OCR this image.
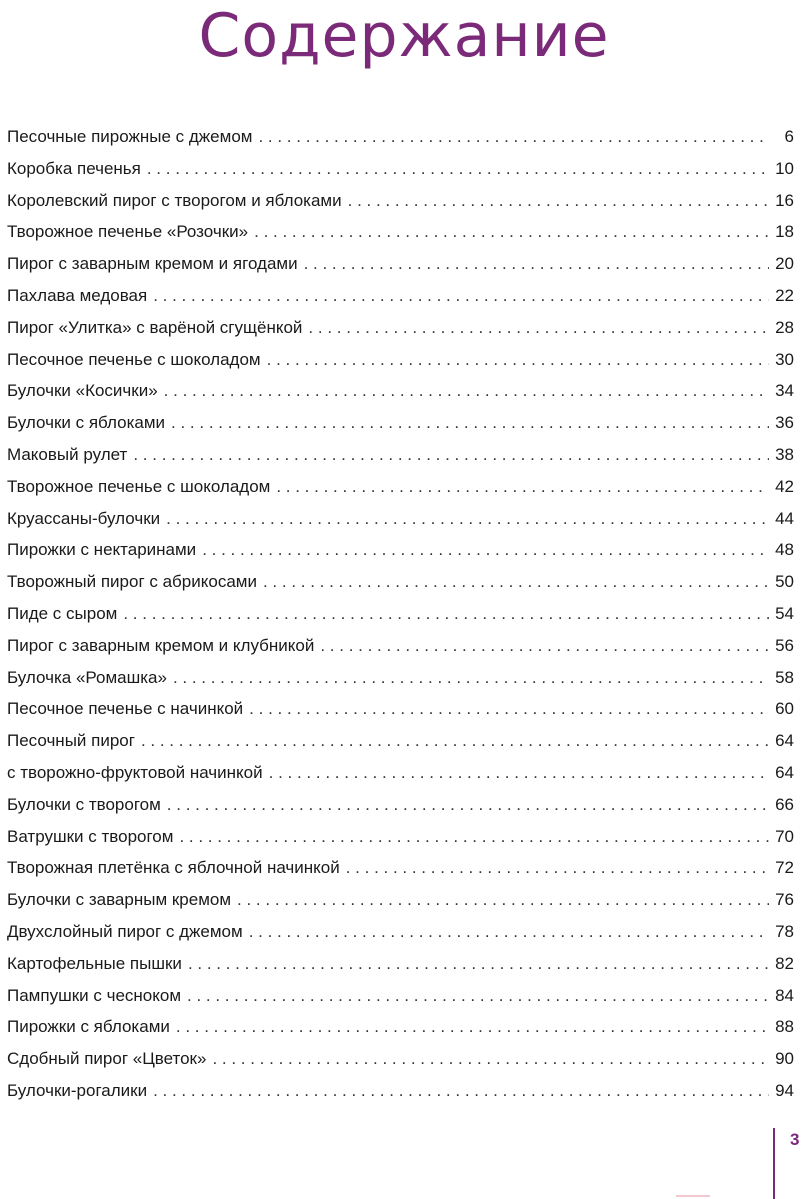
Содержание
Песочные пирожные с джемом . . .	6
Коробка печенья . . .	10
Королевский пирог с творогом и яблоками . . .	16
Творожное печенье «Розочки» . . .	18
Пирог с заварным кремом и ягодами . . .	20
Пахлава медовая . . .	22
Пирог «Улитка» с варёной сгущёнкой . . .	28
Песочное печенье с шоколадом . . .	30
Булочки «Косички» . . .	34
Булочки с яблоками . . .	36
Маковый рулет . . .	38
Творожное печенье с шоколадом . . .	42
Круассаны-булочки . . .	44
Пирожки с нектаринами . . .	48
Творожный пирог с абрикосами . . .	50
Пиде с сыром . . .	54
Пирог с заварным кремом и клубникой . . .	56
Булочка «Ромашка» . . .	58
Песочное печенье с начинкой . . .	60
Песочный пирог . . .	64
с творожно-фруктовой начинкой . . .	64
Булочки с творогом . . .	66
Ватрушки с творогом . . .	70
Творожная плетёнка с яблочной начинкой . . .	72
Булочки с заварным кремом . . .	76
Двухслойный пирог с джемом . . .	78
Картофельные пышки . . .	82
Пампушки с чесноком . . .	84
Пирожки с яблоками . . .	88
Сдобный пирог «Цветок» . . .	90
Булочки-рогалики . . .	94
3
